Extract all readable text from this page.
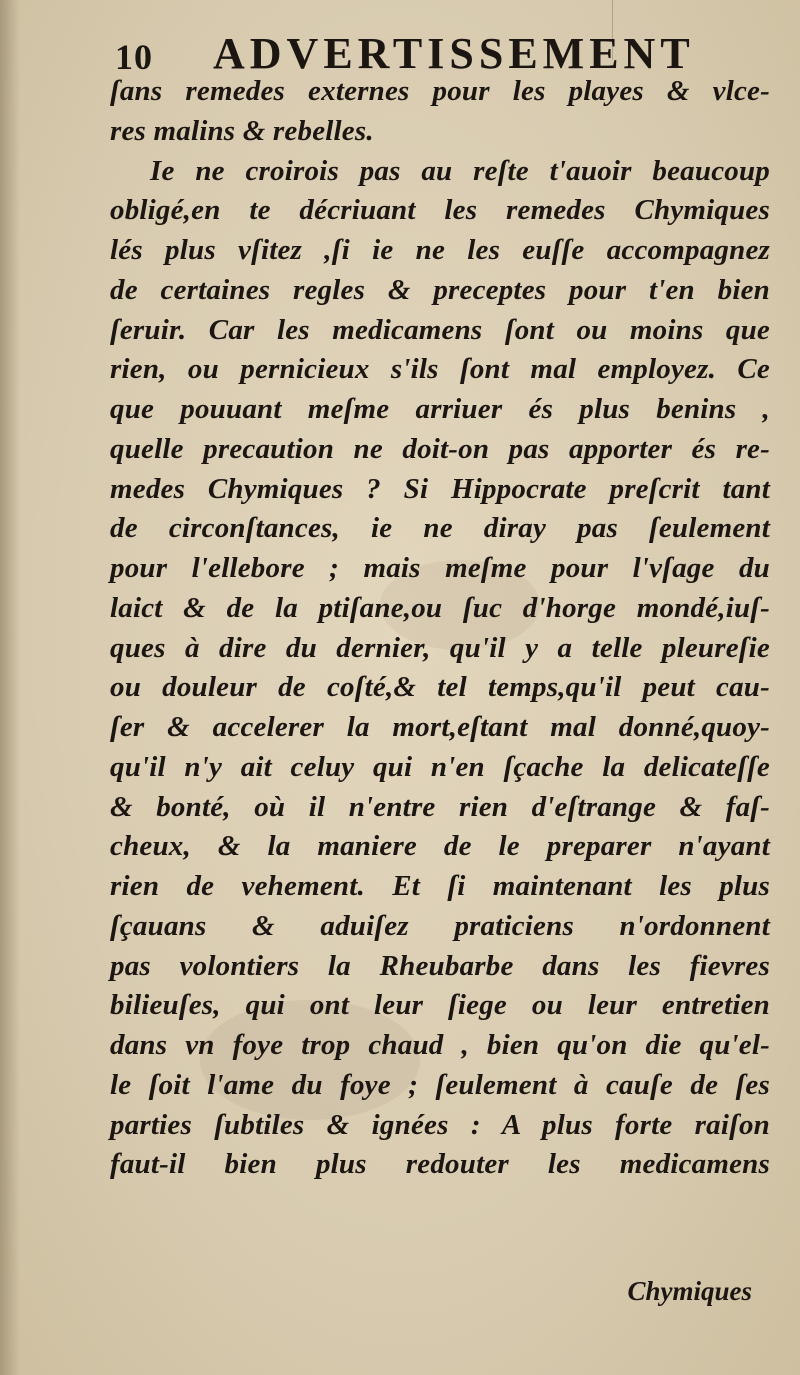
10 ADVERTISSEMENT
ſans remedes externes pour les playes & vlce-
res malins & rebelles.
Ie ne croirois pas au reſte t'auoir beaucoup
obligé,en te décriuant les remedes Chymiques
lés plus vſitez ,ſi ie ne les euſſe accompagnez
de certaines regles & preceptes pour t'en bien
ſeruir. Car les medicamens ſont ou moins que
rien, ou pernicieux s'ils ſont mal employez. Ce
que pouuant meſme arriuer és plus benins ,
quelle precaution ne doit-on pas apporter és re-
medes Chymiques ? Si Hippocrate preſcrit tant
de circonſtances, ie ne diray pas ſeulement
pour l'ellebore ; mais meſme pour l'vſage du
laict & de la ptiſane,ou ſuc d'horge mondé,iuſ-
ques à dire du dernier, qu'il y a telle pleureſie
ou douleur de coſté,& tel temps,qu'il peut cau-
ſer & accelerer la mort,eſtant mal donné,quoy-
qu'il n'y ait celuy qui n'en ſçache la delicateſſe
& bonté, où il n'entre rien d'eſtrange & faſ-
cheux, & la maniere de le preparer n'ayant
rien de vehement. Et ſi maintenant les plus
ſçauans & aduiſez praticiens n'ordonnent
pas volontiers la Rheubarbe dans les fievres
bilieuſes, qui ont leur ſiege ou leur entretien
dans vn foye trop chaud , bien qu'on die qu'el-
le ſoit l'ame du foye ; ſeulement à cauſe de ſes
parties ſubtiles & ignées : A plus forte raiſon
faut-il bien plus redouter les medicamens
Chymiques
